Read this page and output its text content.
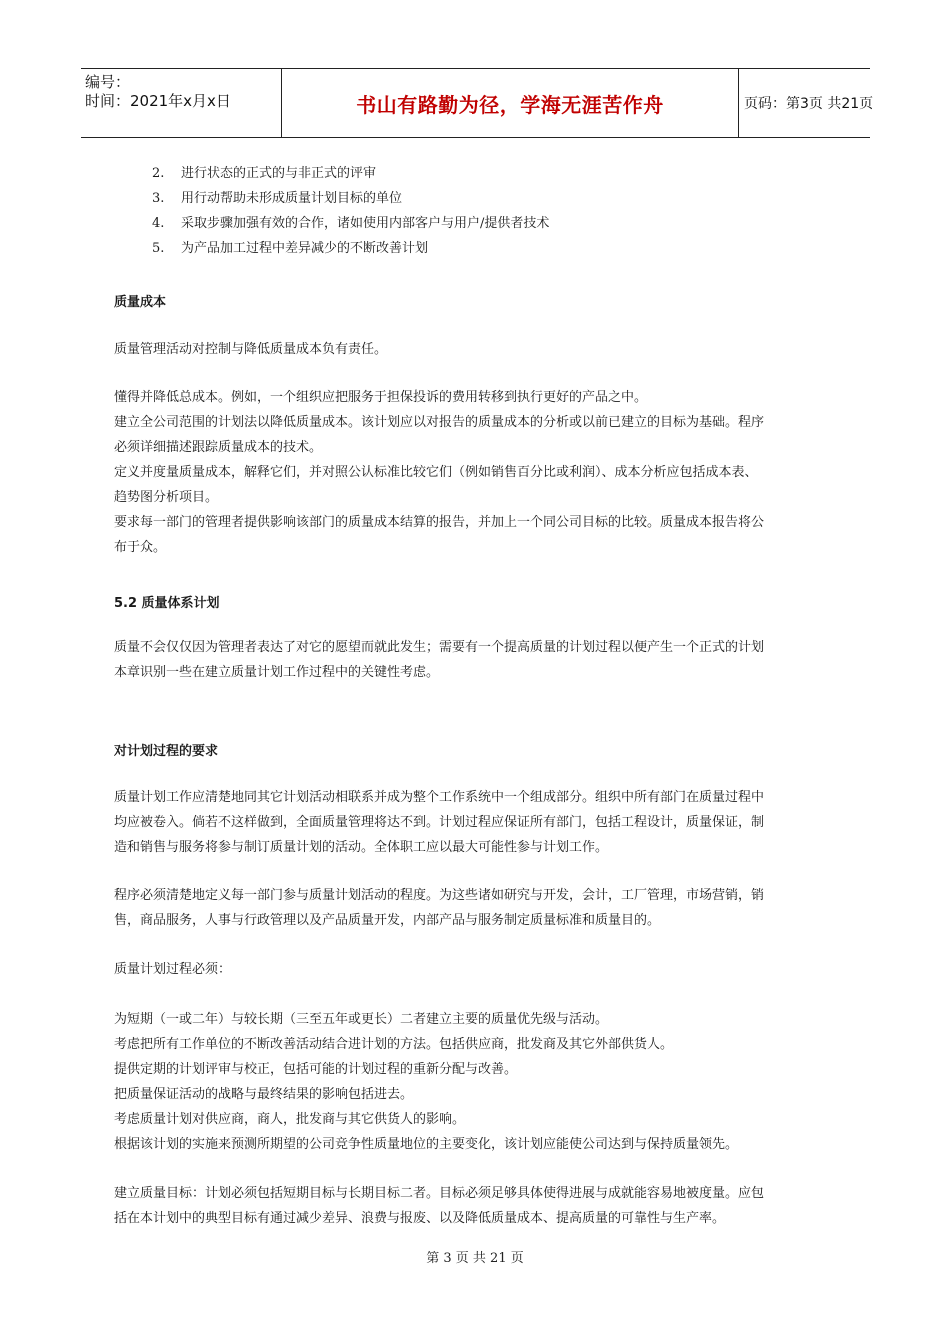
编号：
时间：2021年x月x日	书山有路勤为径，学海无涯苦作舟	页码：第3页 共21页
2. 进行状态的正式的与非正式的评审
3. 用行动帮助未形成质量计划目标的单位
4. 采取步骤加强有效的合作，诸如使用内部客户与用户/提供者技术
5. 为产品加工过程中差异减少的不断改善计划
质量成本
质量管理活动对控制与降低质量成本负有责任。
懂得并降低总成本。例如，一个组织应把服务于担保投诉的费用转移到执行更好的产品之中。
建立全公司范围的计划法以降低质量成本。该计划应以对报告的质量成本的分析或以前已建立的目标为基础。程序
必须详细描述跟踪质量成本的技术。
定义并度量质量成本，解释它们，并对照公认标准比较它们（例如销售百分比或利润）、成本分析应包括成本表、
趋势图分析项目。
要求每一部门的管理者提供影响该部门的质量成本结算的报告，并加上一个同公司目标的比较。质量成本报告将公
布于众。
5.2 质量体系计划
质量不会仅仅因为管理者表达了对它的愿望而就此发生；需要有一个提高质量的计划过程以便产生一个正式的计划
本章识别一些在建立质量计划工作过程中的关键性考虑。
对计划过程的要求
质量计划工作应清楚地同其它计划活动相联系并成为整个工作系统中一个组成部分。组织中所有部门在质量过程中
均应被卷入。倘若不这样做到，全面质量管理将达不到。计划过程应保证所有部门，包括工程设计，质量保证，制
造和销售与服务将参与制订质量计划的活动。全体职工应以最大可能性参与计划工作。
程序必须清楚地定义每一部门参与质量计划活动的程度。为这些诸如研究与开发，会计，工厂管理，市场营销，销
售，商品服务，人事与行政管理以及产品质量开发，内部产品与服务制定质量标准和质量目的。
质量计划过程必须：
为短期（一或二年）与较长期（三至五年或更长）二者建立主要的质量优先级与活动。
考虑把所有工作单位的不断改善活动结合进计划的方法。包括供应商，批发商及其它外部供货人。
提供定期的计划评审与校正，包括可能的计划过程的重新分配与改善。
把质量保证活动的战略与最终结果的影响包括进去。
考虑质量计划对供应商，商人，批发商与其它供货人的影响。
根据该计划的实施来预测所期望的公司竞争性质量地位的主要变化，该计划应能使公司达到与保持质量领先。
建立质量目标：计划必须包括短期目标与长期目标二者。目标必须足够具体使得进展与成就能容易地被度量。应包
括在本计划中的典型目标有通过减少差异、浪费与报废、以及降低质量成本、提高质量的可靠性与生产率。
第 3 页 共 21 页
